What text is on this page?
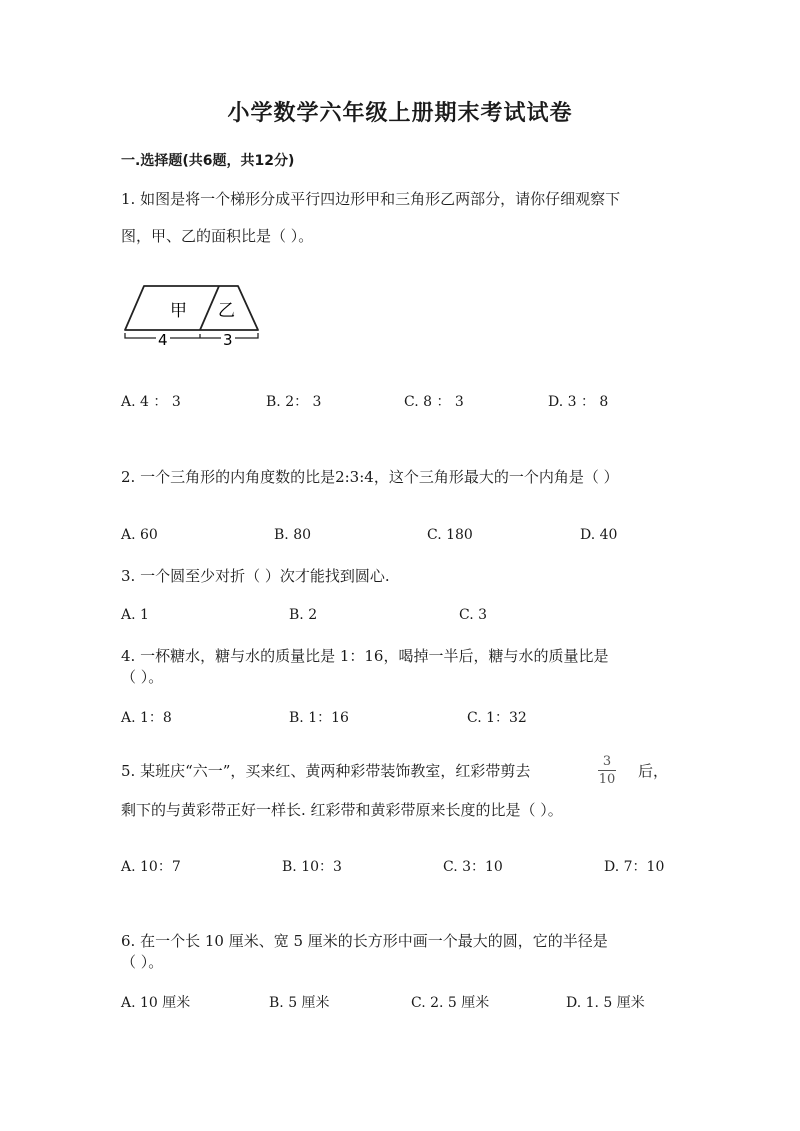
小学数学六年级上册期末考试试卷
一.选择题(共6题，共12分)
1. 如图是将一个梯形分成平行四边形甲和三角形乙两部分，请你仔细观察下
图，甲、乙的面积比是（ ）。
甲 乙
4	3
A. 4 ： 3	B. 2： 3	C. 8 ： 3	D. 3 ： 8
2. 一个三角形的内角度数的比是2:3:4，这个三角形最大的一个内角是（ ）
A. 60	B. 80	C. 180	D. 40
3. 一个圆至少对折（ ）次才能找到圆心.
A. 1	B. 2	C. 3
4. 一杯糖水，糖与水的质量比是 1：16，喝掉一半后，糖与水的质量比是
（ ）。
A. 1：8	B. 1：16	C. 1：32
5. 某班庆“六一”，买来红、黄两种彩带装饰教室，红彩带剪去
3
10 后，
剩下的与黄彩带正好一样长. 红彩带和黄彩带原来长度的比是（ ）。
A. 10：7	B. 10：3	C. 3：10	D. 7：10
6. 在一个长 10 厘米、宽 5 厘米的长方形中画一个最大的圆，它的半径是
（ ）。
A. 10 厘米	B. 5 厘米	C. 2. 5 厘米	D. 1. 5 厘米
